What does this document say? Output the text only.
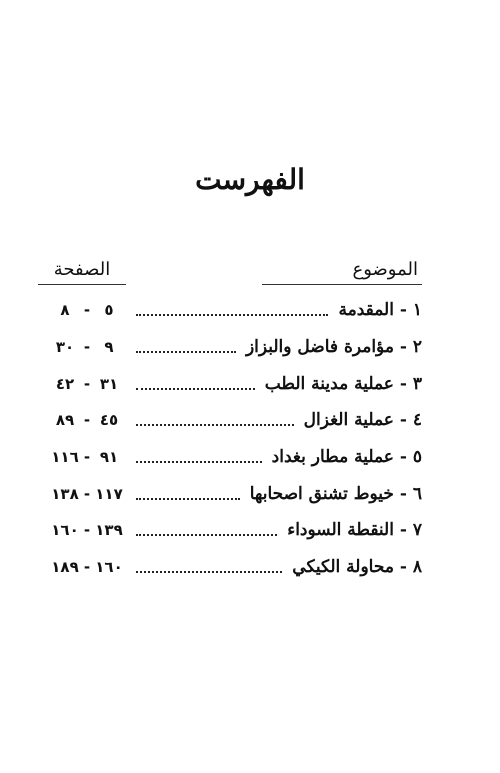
الفهرست
الموضوع
الصفحة
١ - المقدمة
٥-٨
٢ - مؤامرة فاضل والبزاز
٩-٣٠
٣ - عملية مدينة الطب
٣١-٤٢
٤ - عملية الغزال
٤٥-٨٩
٥ - عملية مطار بغداد
٩١-١١٦
٦ - خيوط تشنق اصحابها
١١٧-١٣٨
٧ - النقطة السوداء
١٣٩-١٦٠
٨ - محاولة الكيكي
١٦٠-١٨٩
